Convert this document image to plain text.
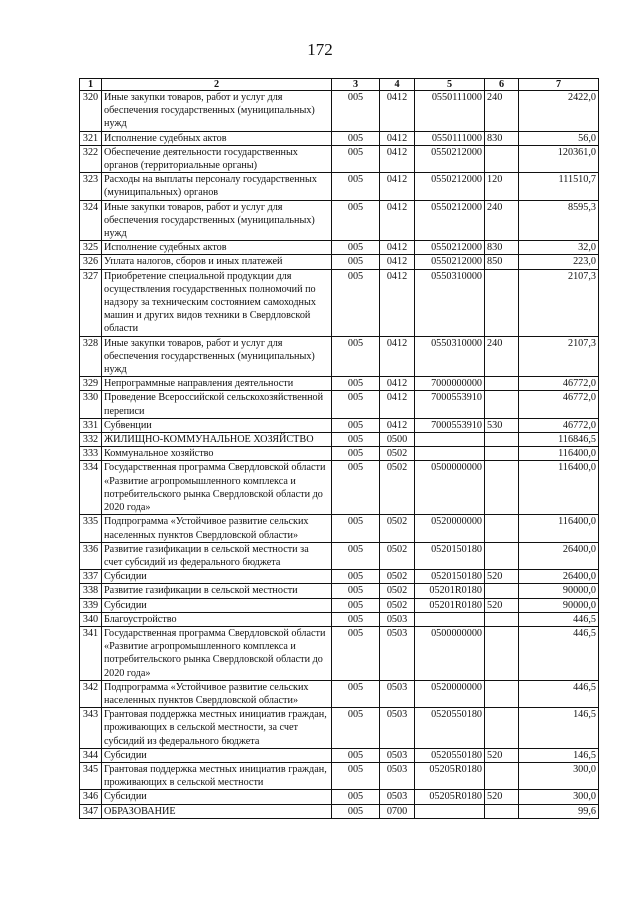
172
1	2	3	4	5	6	7
320	Иные закупки товаров, работ и услуг для обеспечения государственных (муниципальных) нужд	005	0412	0550111000	240	2422,0
321	Исполнение судебных актов	005	0412	0550111000	830	56,0
322	Обеспечение деятельности государственных органов (территориальные органы)	005	0412	0550212000		120361,0
323	Расходы на выплаты персоналу государственных (муниципальных) органов	005	0412	0550212000	120	111510,7
324	Иные закупки товаров, работ и услуг для обеспечения государственных (муниципальных) нужд	005	0412	0550212000	240	8595,3
325	Исполнение судебных актов	005	0412	0550212000	830	32,0
326	Уплата налогов, сборов и иных платежей	005	0412	0550212000	850	223,0
327	Приобретение специальной продукции для осуществления государственных полномочий по надзору за техническим состоянием самоходных машин и других видов техники в Свердловской области	005	0412	0550310000		2107,3
328	Иные закупки товаров, работ и услуг для обеспечения государственных (муниципальных) нужд	005	0412	0550310000	240	2107,3
329	Непрограммные направления деятельности	005	0412	7000000000		46772,0
330	Проведение Всероссийской сельскохозяйственной переписи	005	0412	7000553910		46772,0
331	Субвенции	005	0412	7000553910	530	46772,0
332	ЖИЛИЩНО-КОММУНАЛЬНОЕ ХОЗЯЙСТВО	005	0500			116846,5
333	Коммунальное хозяйство	005	0502			116400,0
334	Государственная программа Свердловской области «Развитие агропромышленного комплекса и потребительского рынка Свердловской области до 2020 года»	005	0502	0500000000		116400,0
335	Подпрограмма «Устойчивое развитие сельских населенных пунктов Свердловской области»	005	0502	0520000000		116400,0
336	Развитие газификации в сельской местности за счет субсидий из федерального бюджета	005	0502	0520150180		26400,0
337	Субсидии	005	0502	0520150180	520	26400,0
338	Развитие газификации в сельской местности	005	0502	05201R0180		90000,0
339	Субсидии	005	0502	05201R0180	520	90000,0
340	Благоустройство	005	0503			446,5
341	Государственная программа Свердловской области «Развитие агропромышленного комплекса и потребительского рынка Свердловской области до 2020 года»	005	0503	0500000000		446,5
342	Подпрограмма «Устойчивое развитие сельских населенных пунктов Свердловской области»	005	0503	0520000000		446,5
343	Грантовая поддержка местных инициатив граждан, проживающих в сельской местности, за счет субсидий из федерального бюджета	005	0503	0520550180		146,5
344	Субсидии	005	0503	0520550180	520	146,5
345	Грантовая поддержка местных инициатив граждан, проживающих в сельской местности	005	0503	05205R0180		300,0
346	Субсидии	005	0503	05205R0180	520	300,0
347	ОБРАЗОВАНИЕ	005	0700			99,6
